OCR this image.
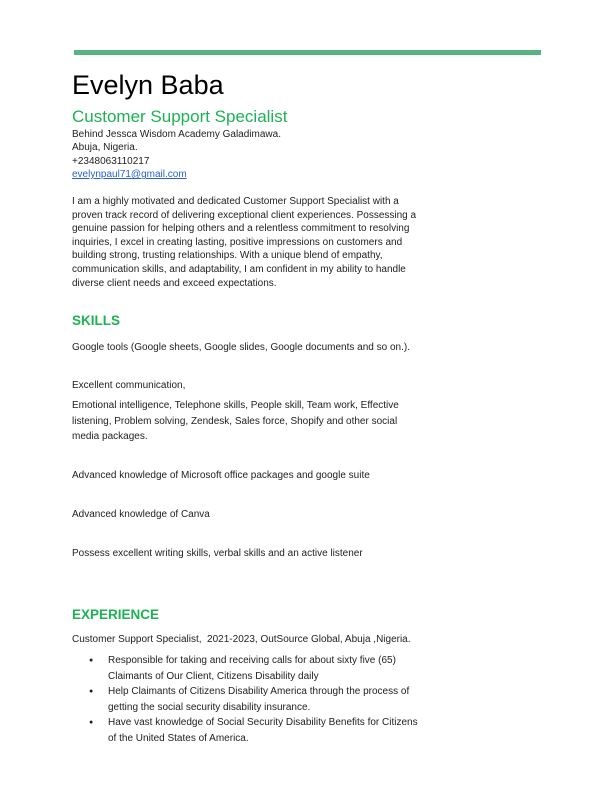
Evelyn Baba
Customer Support Specialist
Behind Jessca Wisdom Academy Galadimawa.
Abuja, Nigeria.
+2348063110217
evelynpaul71@gmail.com
I am a highly motivated and dedicated Customer Support Specialist with a
proven track record of delivering exceptional client experiences. Possessing a
genuine passion for helping others and a relentless commitment to resolving
inquiries, I excel in creating lasting, positive impressions on customers and
building strong, trusting relationships. With a unique blend of empathy,
communication skills, and adaptability, I am confident in my ability to handle
diverse client needs and exceed expectations.
SKILLS
Google tools (Google sheets, Google slides, Google documents and so on.).
Excellent communication,
Emotional intelligence, Telephone skills, People skill, Team work, Effective
listening, Problem solving, Zendesk, Sales force, Shopify and other social
media packages.
Advanced knowledge of Microsoft office packages and google suite
Advanced knowledge of Canva
Possess excellent writing skills, verbal skills and an active listener
EXPERIENCE
Customer Support Specialist,  2021-2023, OutSource Global, Abuja ,Nigeria.
● Responsible for taking and receiving calls for about sixty five (65)
Claimants of Our Client, Citizens Disability daily
● Help Claimants of Citizens Disability America through the process of
getting the social security disability insurance.
● Have vast knowledge of Social Security Disability Benefits for Citizens
of the United States of America.
